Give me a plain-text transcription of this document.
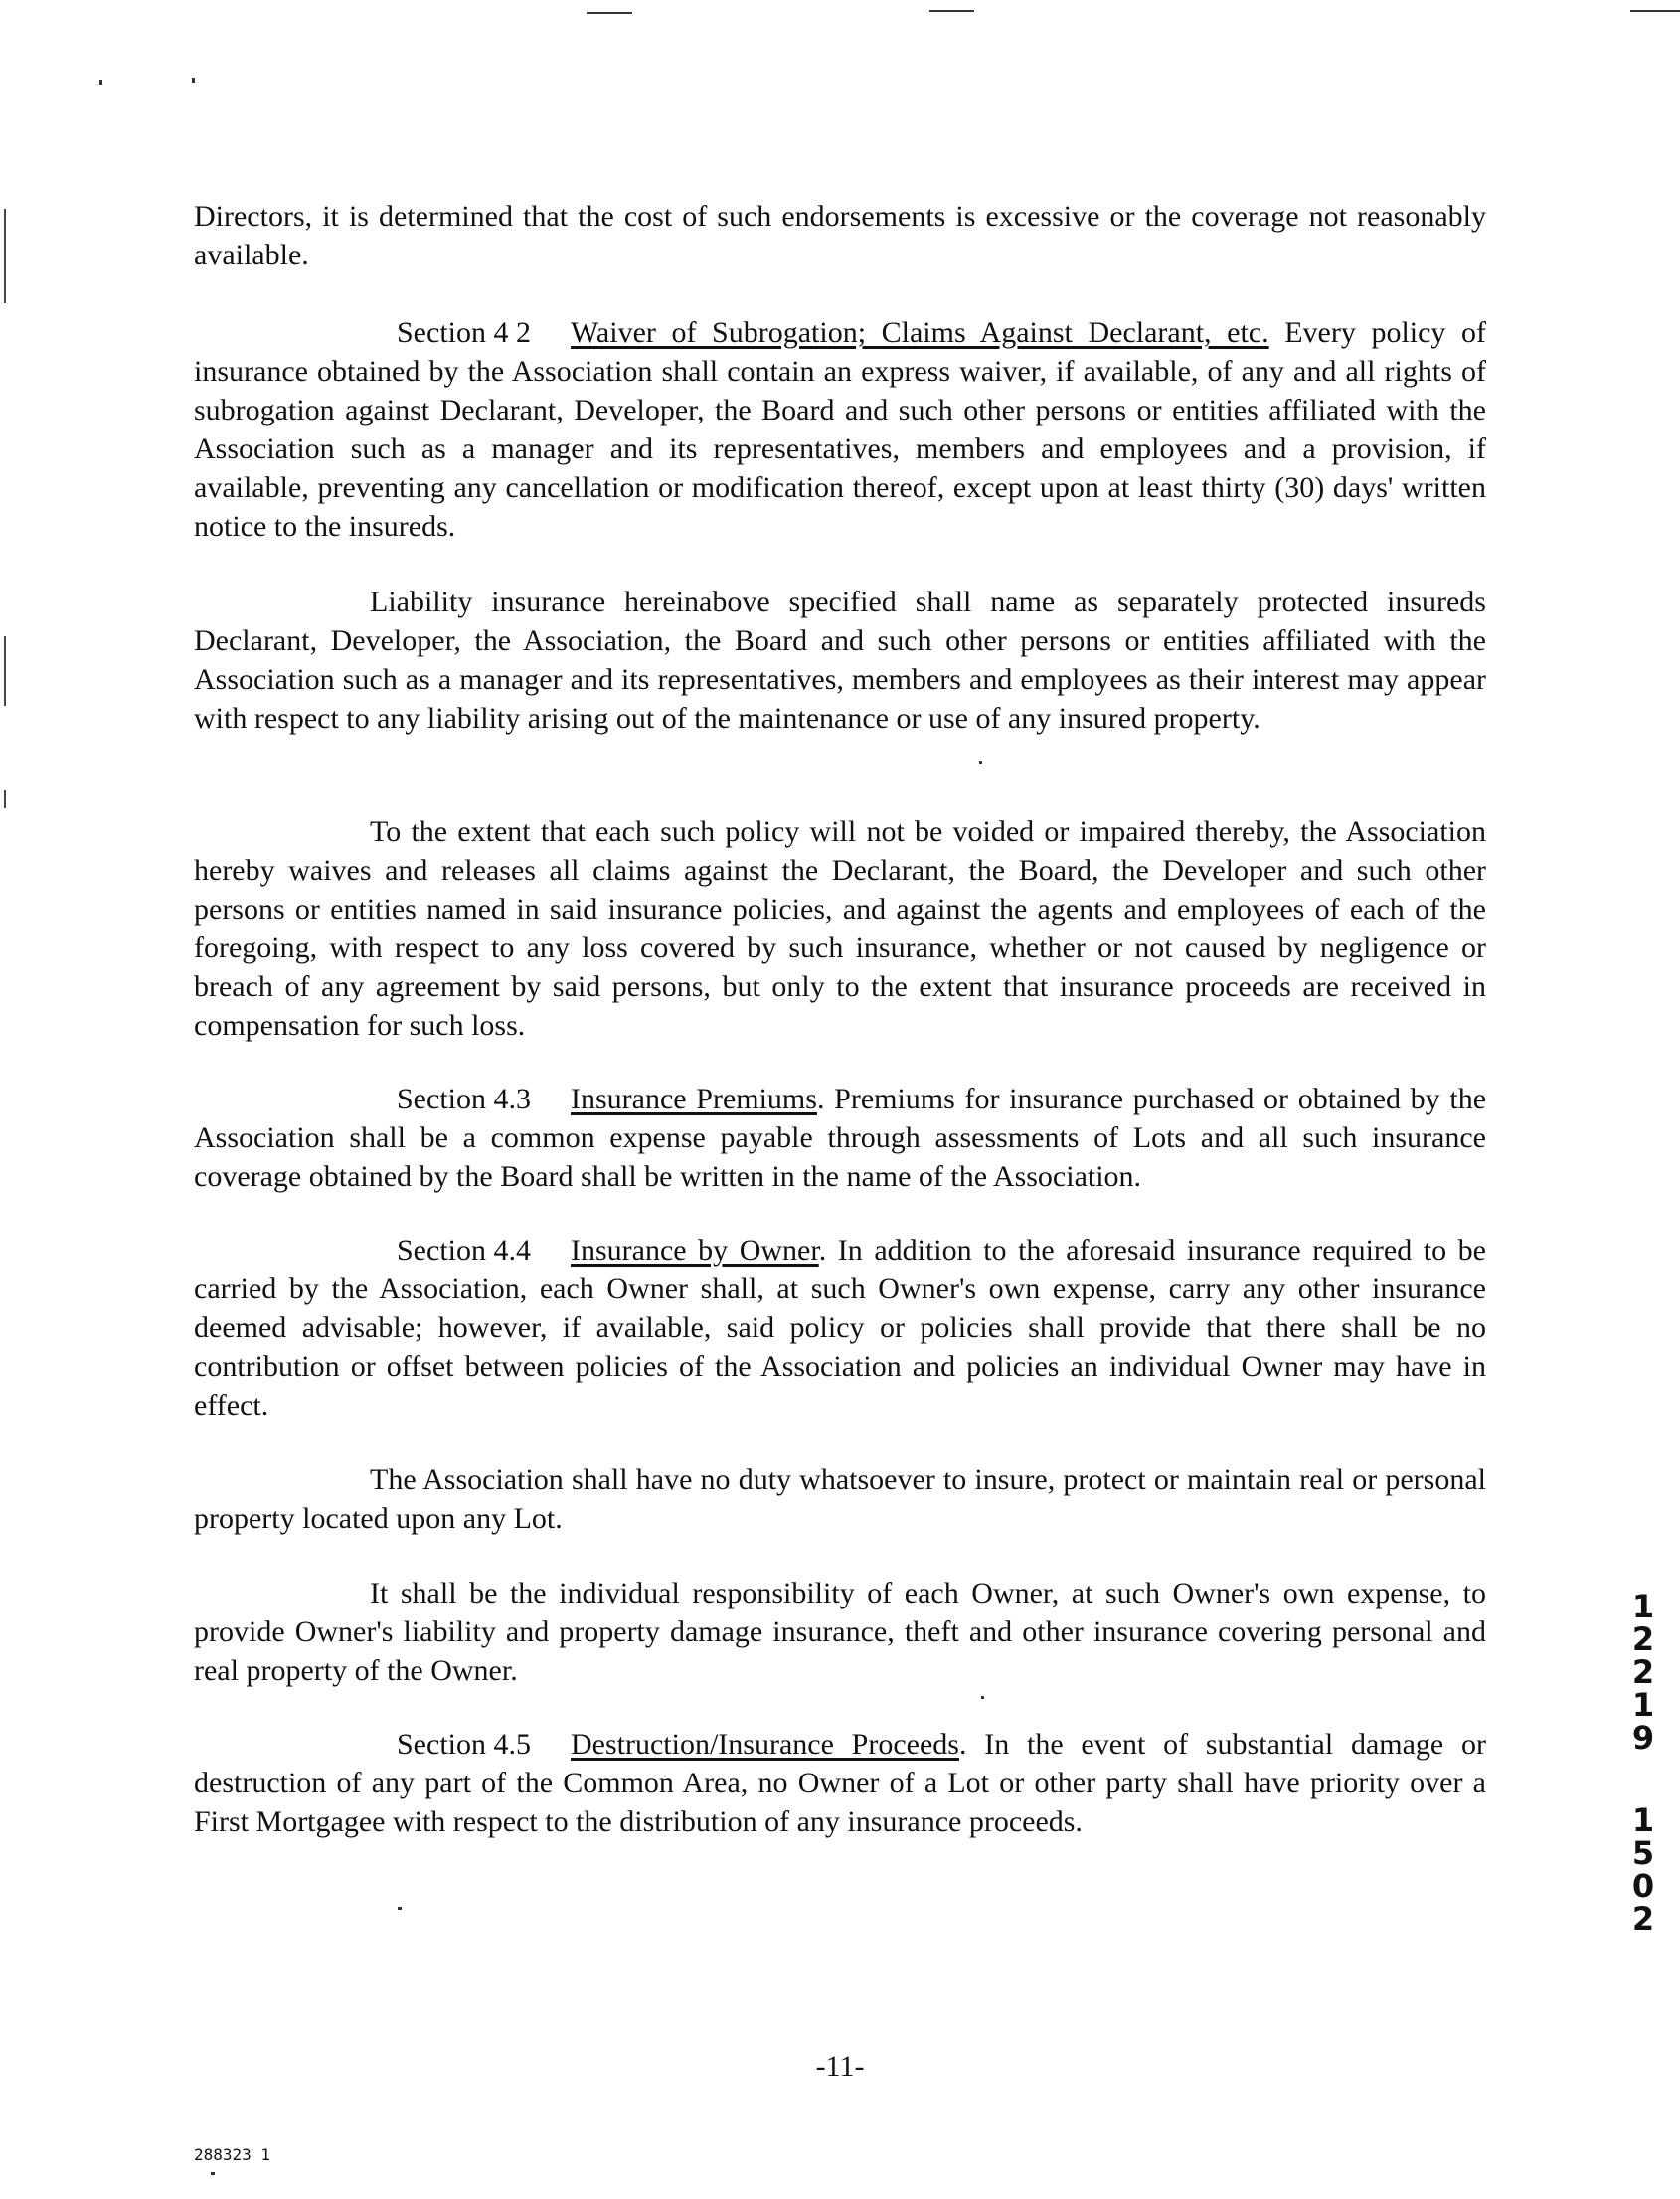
Directors, it is determined that the cost of such endorsements is excessive or the coverage not reasonably available.

Section 4 2 Waiver of Subrogation; Claims Against Declarant, etc. Every policy of insurance obtained by the Association shall contain an express waiver, if available, of any and all rights of subrogation against Declarant, Developer, the Board and such other persons or entities affiliated with the Association such as a manager and its representatives, members and employees and a provision, if available, preventing any cancellation or modification thereof, except upon at least thirty (30) days' written notice to the insureds.

Liability insurance hereinabove specified shall name as separately protected insureds Declarant, Developer, the Association, the Board and such other persons or entities affiliated with the Association such as a manager and its representatives, members and employees as their interest may appear with respect to any liability arising out of the maintenance or use of any insured property.

To the extent that each such policy will not be voided or impaired thereby, the Association hereby waives and releases all claims against the Declarant, the Board, the Developer and such other persons or entities named in said insurance policies, and against the agents and employees of each of the foregoing, with respect to any loss covered by such insurance, whether or not caused by negligence or breach of any agreement by said persons, but only to the extent that insurance proceeds are received in compensation for such loss.

Section 4.3 Insurance Premiums. Premiums for insurance purchased or obtained by the Association shall be a common expense payable through assessments of Lots and all such insurance coverage obtained by the Board shall be written in the name of the Association.

Section 4.4 Insurance by Owner. In addition to the aforesaid insurance required to be carried by the Association, each Owner shall, at such Owner's own expense, carry any other insurance deemed advisable; however, if available, said policy or policies shall provide that there shall be no contribution or offset between policies of the Association and policies an individual Owner may have in effect.

The Association shall have no duty whatsoever to insure, protect or maintain real or personal property located upon any Lot.

It shall be the individual responsibility of each Owner, at such Owner's own expense, to provide Owner's liability and property damage insurance, theft and other insurance covering personal and real property of the Owner.

Section 4.5 Destruction/Insurance Proceeds. In the event of substantial damage or destruction of any part of the Common Area, no Owner of a Lot or other party shall have priority over a First Mortgagee with respect to the distribution of any insurance proceeds.

-11-
288323 1
12219
1502
